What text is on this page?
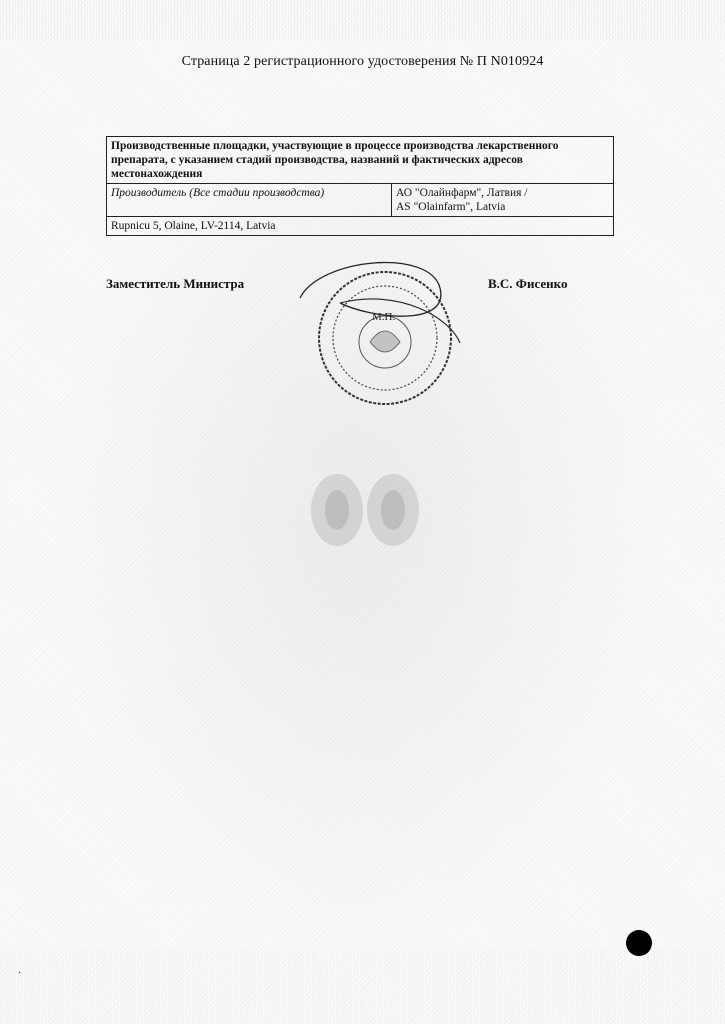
Страница 2 регистрационного удостоверения № П N010924
Производственные площадки, участвующие в процессе производства лекарственного препарата, с указанием стадий производства, названий и фактических адресов местонахождения
Производитель (Все стадии производства)	АО "Олайнфарм", Латвия /
AS "Olainfarm", Latvia

Rupnicu 5, Olaine, LV-2114, Latvia
Заместитель Министра	В.С. Фисенко
М.П.
·
